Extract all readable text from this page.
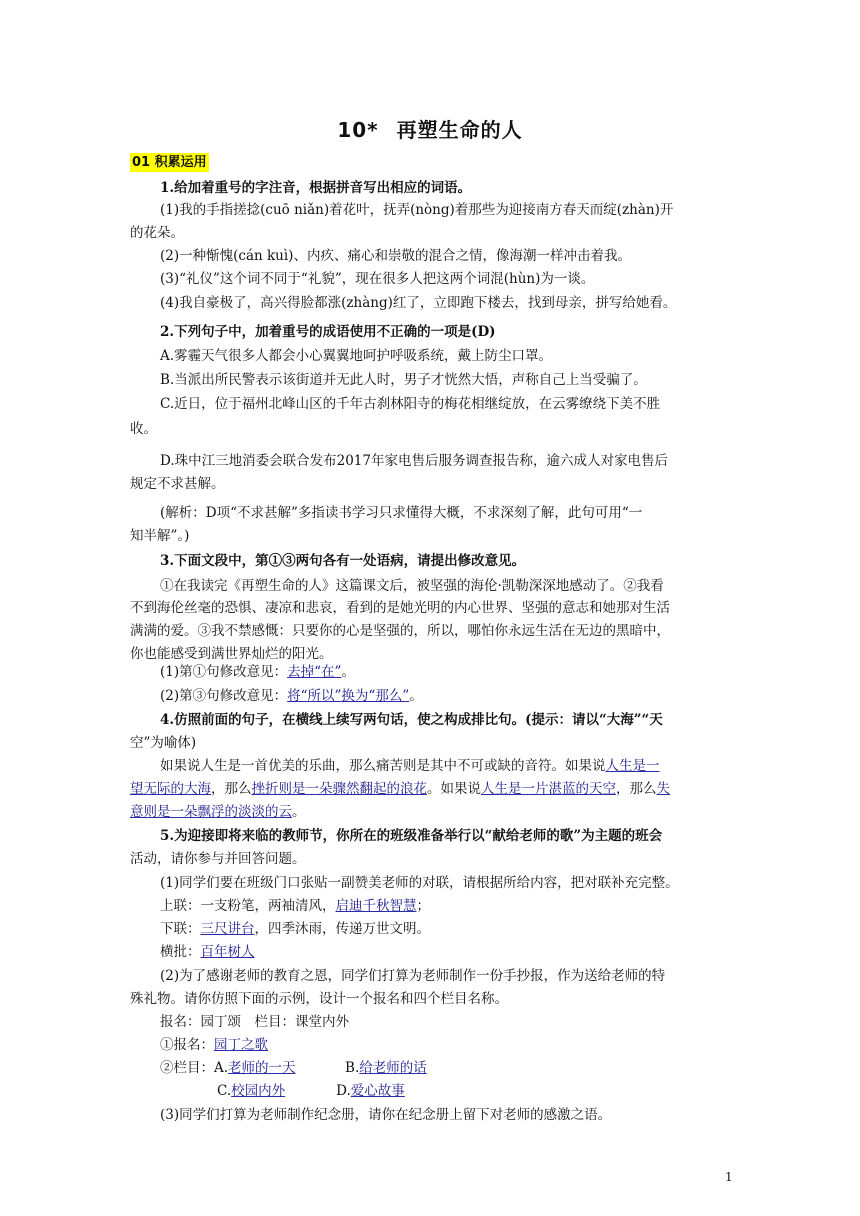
10* 再塑生命的人
01 积累运用
1.给加着重号的字注音，根据拼音写出相应的词语。
(1)我的手指搓捻(cuō niǎn)着花叶，抚弄(nòng)着那些为迎接南方春天而绽(zhàn)开
的花朵。
(2)一种惭愧(cán kuì)、内疚、痛心和崇敬的混合之情，像海潮一样冲击着我。
(3)“礼仪”这个词不同于“礼貌”，现在很多人把这两个词混(hùn)为一谈。
(4)我自豪极了，高兴得脸都涨(zhàng)红了，立即跑下楼去，找到母亲，拼写给她看。
2.下列句子中，加着重号的成语使用不正确的一项是(D)
A.雾霾天气很多人都会小心翼翼地呵护呼吸系统，戴上防尘口罩。
B.当派出所民警表示该街道并无此人时，男子才恍然大悟，声称自己上当受骗了。
C.近日，位于福州北峰山区的千年古刹林阳寺的梅花相继绽放，在云雾缭绕下美不胜
收。
D.珠中江三地消委会联合发布2017年家电售后服务调查报告称，逾六成人对家电售后
规定不求甚解。
(解析：D项“不求甚解”多指读书学习只求懂得大概，不求深刻了解，此句可用“一
知半解”。)
3.下面文段中，第①③两句各有一处语病，请提出修改意见。
①在我读完《再塑生命的人》这篇课文后，被坚强的海伦·凯勒深深地感动了。②我看
不到海伦丝毫的恐惧、凄凉和悲哀，看到的是她光明的内心世界、坚强的意志和她那对生活
满满的爱。③我不禁感慨：只要你的心是坚强的，所以，哪怕你永远生活在无边的黑暗中，
你也能感受到满世界灿烂的阳光。
(1)第①句修改意见：去掉“在”。
(2)第③句修改意见：将“所以”换为“那么”。
4.仿照前面的句子，在横线上续写两句话，使之构成排比句。(提示：请以“大海”“天
空”为喻体)
如果说人生是一首优美的乐曲，那么痛苦则是其中不可或缺的音符。如果说人生是一
望无际的大海，那么挫折则是一朵骤然翻起的浪花。如果说人生是一片湛蓝的天空，那么失
意则是一朵飘浮的淡淡的云。
5.为迎接即将来临的教师节，你所在的班级准备举行以“献给老师的歌”为主题的班会
活动，请你参与并回答问题。
(1)同学们要在班级门口张贴一副赞美老师的对联，请根据所给内容，把对联补充完整。
上联：一支粉笔，两袖清风，启迪千秋智慧；
下联：三尺讲台，四季沐雨，传递万世文明。
横批：百年树人
(2)为了感谢老师的教育之恩，同学们打算为老师制作一份手抄报，作为送给老师的特
殊礼物。请你仿照下面的示例，设计一个报名和四个栏目名称。
报名：园丁颂　栏目：课堂内外
①报名：园丁之歌
②栏目：A.老师的一天	B.给老师的话
C.校园内外	D.爱心故事
(3)同学们打算为老师制作纪念册，请你在纪念册上留下对老师的感激之语。
1
